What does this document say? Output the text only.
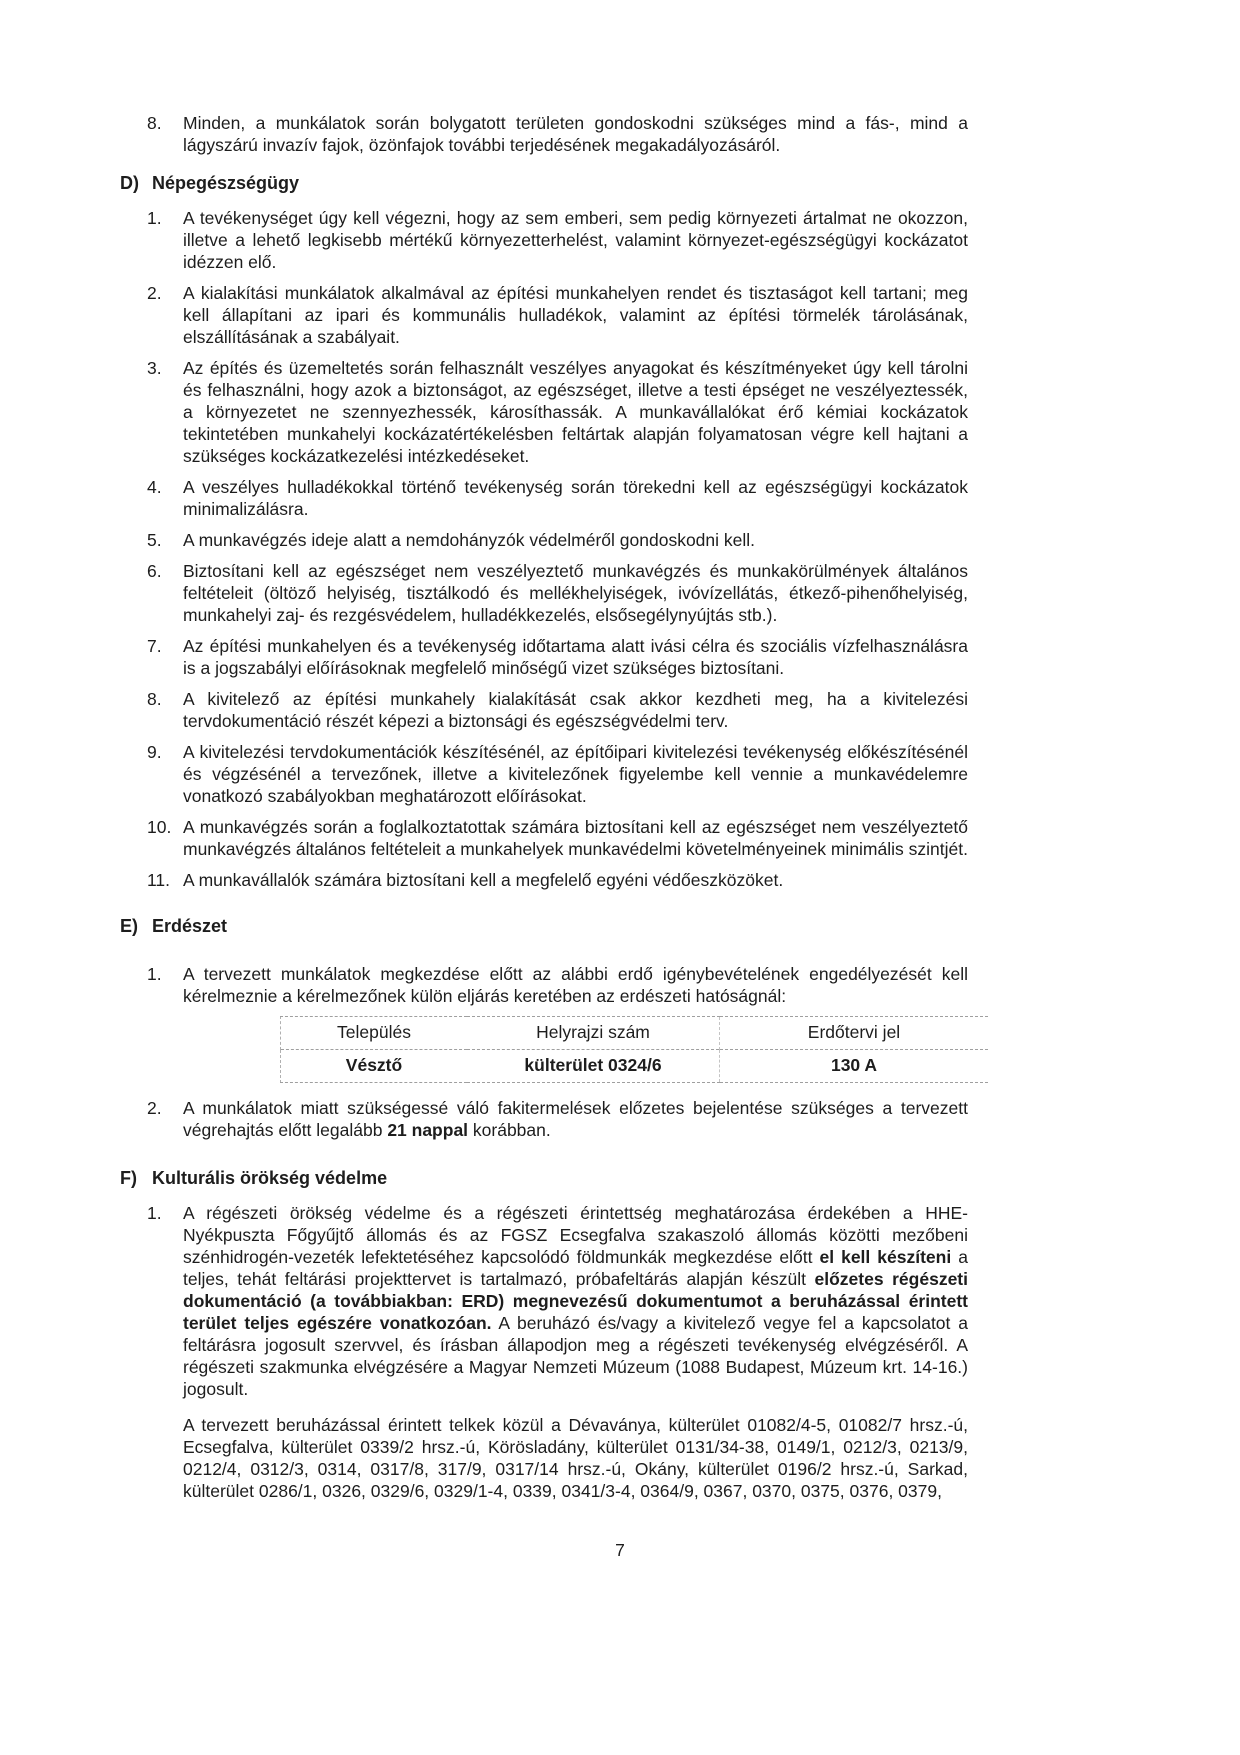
8.	Minden, a munkálatok során bolygatott területen gondoskodni szükséges mind a fás-, mind a lágyszárú invazív fajok, özönfajok további terjedésének megakadályozásáról.
D) Népegészségügy
1.	A tevékenységet úgy kell végezni, hogy az sem emberi, sem pedig környezeti ártalmat ne okozzon, illetve a lehető legkisebb mértékű környezetterhelést, valamint környezet-egészségügyi kockázatot idézzen elő.
2.	A kialakítási munkálatok alkalmával az építési munkahelyen rendet és tisztaságot kell tartani; meg kell állapítani az ipari és kommunális hulladékok, valamint az építési törmelék tárolásának, elszállításának a szabályait.
3.	Az építés és üzemeltetés során felhasznált veszélyes anyagokat és készítményeket úgy kell tárolni és felhasználni, hogy azok a biztonságot, az egészséget, illetve a testi épséget ne veszélyeztessék, a környezetet ne szennyezhessék, károsíthassák. A munkavállalókat érő kémiai kockázatok tekintetében munkahelyi kockázatértékelésben feltártak alapján folyamatosan végre kell hajtani a szükséges kockázatkezelési intézkedéseket.
4.	A veszélyes hulladékokkal történő tevékenység során törekedni kell az egészségügyi kockázatok minimalizálásra.
5.	A munkavégzés ideje alatt a nemdohányzók védelméről gondoskodni kell.
6.	Biztosítani kell az egészséget nem veszélyeztető munkavégzés és munkakörülmények általános feltételeit (öltöző helyiség, tisztálkodó és mellékhelyiségek, ivóvízellátás, étkező-pihenőhelyiség, munkahelyi zaj- és rezgésvédelem, hulladékkezelés, elsősegélynyújtás stb.).
7.	Az építési munkahelyen és a tevékenység időtartama alatt ivási célra és szociális vízfelhasználásra is a jogszabályi előírásoknak megfelelő minőségű vizet szükséges biztosítani.
8.	A kivitelező az építési munkahely kialakítását csak akkor kezdheti meg, ha a kivitelezési tervdokumentáció részét képezi a biztonsági és egészségvédelmi terv.
9.	A kivitelezési tervdokumentációk készítésénél, az építőipari kivitelezési tevékenység előkészítésénél és végzésénél a tervezőnek, illetve a kivitelezőnek figyelembe kell vennie a munkavédelemre vonatkozó szabályokban meghatározott előírásokat.
10. A munkavégzés során a foglalkoztatottak számára biztosítani kell az egészséget nem veszélyeztető munkavégzés általános feltételeit a munkahelyek munkavédelmi követelményeinek minimális szintjét.
11. A munkavállalók számára biztosítani kell a megfelelő egyéni védőeszközöket.
E) Erdészet
1.	A tervezett munkálatok megkezdése előtt az alábbi erdő igénybevételének engedélyezését kell kérelmeznie a kérelmezőnek külön eljárás keretében az erdészeti hatóságnál:
Település	Helyrajzi szám	Erdőtervi jel
Vésztő	külterület 0324/6	130 A
2.	A munkálatok miatt szükségessé váló fakitermelések előzetes bejelentése szükséges a tervezett végrehajtás előtt legalább 21 nappal korábban.
F) Kulturális örökség védelme
1.	A régészeti örökség védelme és a régészeti érintettség meghatározása érdekében a HHE-Nyékpuszta Főgyűjtő állomás és az FGSZ Ecsegfalva szakaszoló állomás közötti mezőbeni szénhidrogén-vezeték lefektetéséhez kapcsolódó földmunkák megkezdése előtt el kell készíteni a teljes, tehát feltárási projekttervet is tartalmazó, próbafeltárás alapján készült előzetes régészeti dokumentáció (a továbbiakban: ERD) megnevezésű dokumentumot a beruházással érintett terület teljes egészére vonatkozóan. A beruházó és/vagy a kivitelező vegye fel a kapcsolatot a feltárásra jogosult szervvel, és írásban állapodjon meg a régészeti tevékenység elvégzéséről. A régészeti szakmunka elvégzésére a Magyar Nemzeti Múzeum (1088 Budapest, Múzeum krt. 14-16.) jogosult.
A tervezett beruházással érintett telkek közül a Dévaványa, külterület 01082/4-5, 01082/7 hrsz.-ú, Ecsegfalva, külterület 0339/2 hrsz.-ú, Körösladány, külterület 0131/34-38, 0149/1, 0212/3, 0213/9, 0212/4, 0312/3, 0314, 0317/8, 317/9, 0317/14 hrsz.-ú, Okány, külterület 0196/2 hrsz.-ú, Sarkad, külterület 0286/1, 0326, 0329/6, 0329/1-4, 0339, 0341/3-4, 0364/9, 0367, 0370, 0375, 0376, 0379,
7
